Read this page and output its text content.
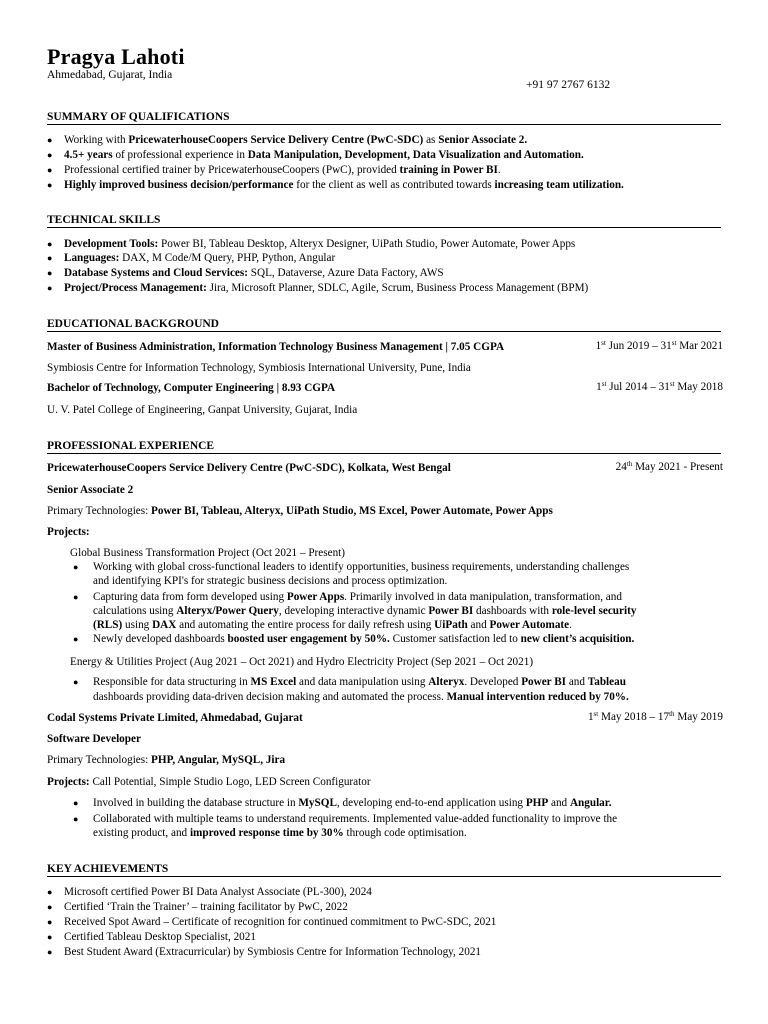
Pragya Lahoti
Ahmedabad, Gujarat, India
+91 97 2767 6132
SUMMARY OF QUALIFICATIONS
● Working with PricewaterhouseCoopers Service Delivery Centre (PwC-SDC) as Senior Associate 2.
● 4.5+ years of professional experience in Data Manipulation, Development, Data Visualization and Automation.
● Professional certified trainer by PricewaterhouseCoopers (PwC), provided training in Power BI.
● Highly improved business decision/performance for the client as well as contributed towards increasing team utilization.
TECHNICAL SKILLS
● Development Tools: Power BI, Tableau Desktop, Alteryx Designer, UiPath Studio, Power Automate, Power Apps
● Languages: DAX, M Code/M Query, PHP, Python, Angular
● Database Systems and Cloud Services: SQL, Dataverse, Azure Data Factory, AWS
● Project/Process Management: Jira, Microsoft Planner, SDLC, Agile, Scrum, Business Process Management (BPM)
EDUCATIONAL BACKGROUND
Master of Business Administration, Information Technology Business Management | 7.05 CGPA	1st Jun 2019 – 31st Mar 2021
Symbiosis Centre for Information Technology, Symbiosis International University, Pune, India
Bachelor of Technology, Computer Engineering | 8.93 CGPA	1st Jul 2014 – 31st May 2018
U. V. Patel College of Engineering, Ganpat University, Gujarat, India
PROFESSIONAL EXPERIENCE
PricewaterhouseCoopers Service Delivery Centre (PwC-SDC), Kolkata, West Bengal	24th May 2021 - Present
Senior Associate 2
Primary Technologies: Power BI, Tableau, Alteryx, UiPath Studio, MS Excel, Power Automate, Power Apps
Projects:
Global Business Transformation Project (Oct 2021 – Present)
● Working with global cross-functional leaders to identify opportunities, business requirements, understanding challenges
and identifying KPI's for strategic business decisions and process optimization.
● Capturing data from form developed using Power Apps. Primarily involved in data manipulation, transformation, and
calculations using Alteryx/Power Query, developing interactive dynamic Power BI dashboards with role-level security
(RLS) using DAX and automating the entire process for daily refresh using UiPath and Power Automate.
● Newly developed dashboards boosted user engagement by 50%. Customer satisfaction led to new client’s acquisition.
Energy & Utilities Project (Aug 2021 – Oct 2021) and Hydro Electricity Project (Sep 2021 – Oct 2021)
● Responsible for data structuring in MS Excel and data manipulation using Alteryx. Developed Power BI and Tableau
dashboards providing data-driven decision making and automated the process. Manual intervention reduced by 70%.
Codal Systems Private Limited, Ahmedabad, Gujarat	1st May 2018 – 17th May 2019
Software Developer
Primary Technologies: PHP, Angular, MySQL, Jira
Projects: Call Potential, Simple Studio Logo, LED Screen Configurator
● Involved in building the database structure in MySQL, developing end-to-end application using PHP and Angular.
● Collaborated with multiple teams to understand requirements. Implemented value-added functionality to improve the
existing product, and improved response time by 30% through code optimisation.
KEY ACHIEVEMENTS
● Microsoft certified Power BI Data Analyst Associate (PL-300), 2024
● Certified ‘Train the Trainer’ – training facilitator by PwC, 2022
● Received Spot Award – Certificate of recognition for continued commitment to PwC-SDC, 2021
● Certified Tableau Desktop Specialist, 2021
● Best Student Award (Extracurricular) by Symbiosis Centre for Information Technology, 2021
